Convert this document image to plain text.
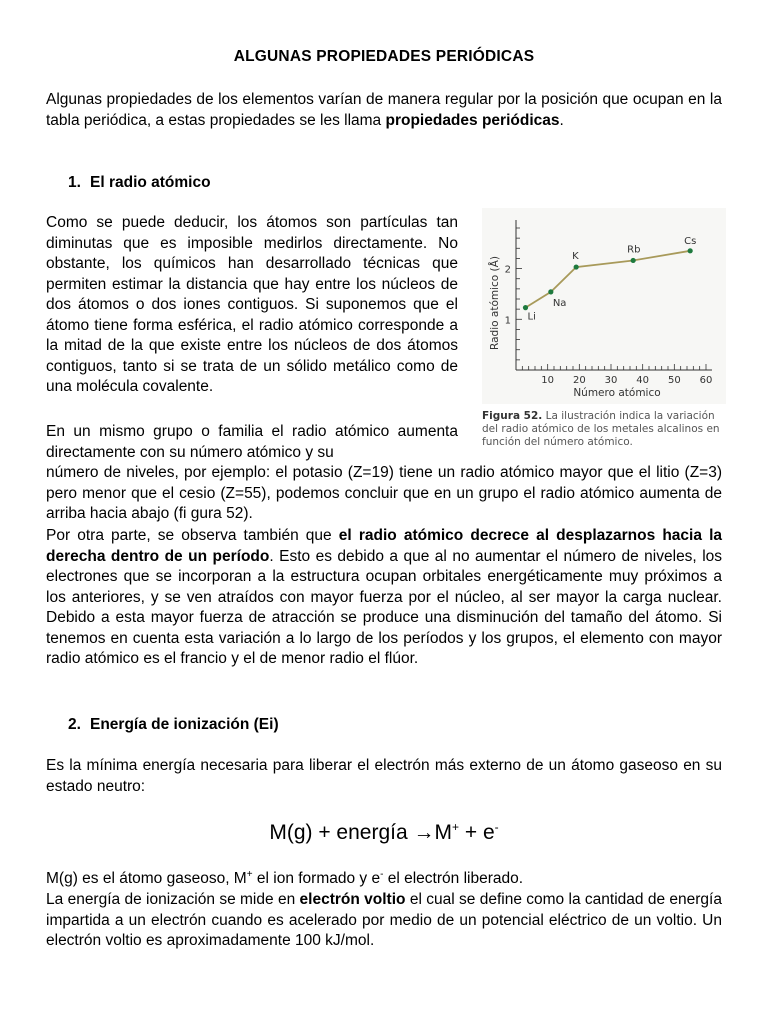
ALGUNAS PROPIEDADES PERIÓDICAS

Algunas propiedades de los elementos varían de manera regular por la posición que ocupan en la tabla periódica, a estas propiedades se les llama propiedades periódicas.

1. El radio atómico

Como se puede deducir, los átomos son partículas tan diminutas que es imposible medirlos directamente. No obstante, los químicos han desarrollado técnicas que permiten estimar la distancia que hay entre los núcleos de dos átomos o dos iones contiguos. Si suponemos que el átomo tiene forma esférica, el radio atómico corresponde a la mitad de la que existe entre los núcleos de dos átomos contiguos, tanto si se trata de un sólido metálico como de una molécula covalente.

En un mismo grupo o familia el radio atómico aumenta directamente con su número atómico y su

número de niveles, por ejemplo: el potasio (Z=19) tiene un radio atómico mayor que el litio (Z=3) pero menor que el cesio (Z=55), podemos concluir que en un grupo el radio atómico aumenta de arriba hacia abajo (fi gura 52).

Por otra parte, se observa también que el radio atómico decrece al desplazarnos hacia la derecha dentro de un período. Esto es debido a que al no aumentar el número de niveles, los electrones que se incorporan a la estructura ocupan orbitales energéticamente muy próximos a los anteriores, y se ven atraídos con mayor fuerza por el núcleo, al ser mayor la carga nuclear. Debido a esta mayor fuerza de atracción se produce una disminución del tamaño del átomo. Si tenemos en cuenta esta variación a lo largo de los períodos y los grupos, el elemento con mayor radio atómico es el francio y el de menor radio el flúor.

10 20 30 40 50 60
1
2
Número atómico
Radio atómico (Å)	Li
Na
K
Rb
Cs
Figura 52. La ilustración indica la variación del radio atómico de los metales alcalinos en función del número atómico.
2. Energía de ionización (Ei)

Es la mínima energía necesaria para liberar el electrón más externo de un átomo gaseoso en su estado neutro:

M(g) + energía →M+ + e-

M(g) es el átomo gaseoso, M+ el ion formado y e- el electrón liberado.

La energía de ionización se mide en electrón voltio el cual se define como la cantidad de energía impartida a un electrón cuando es acelerado por medio de un potencial eléctrico de un voltio. Un electrón voltio es aproximadamente 100 kJ/mol.
